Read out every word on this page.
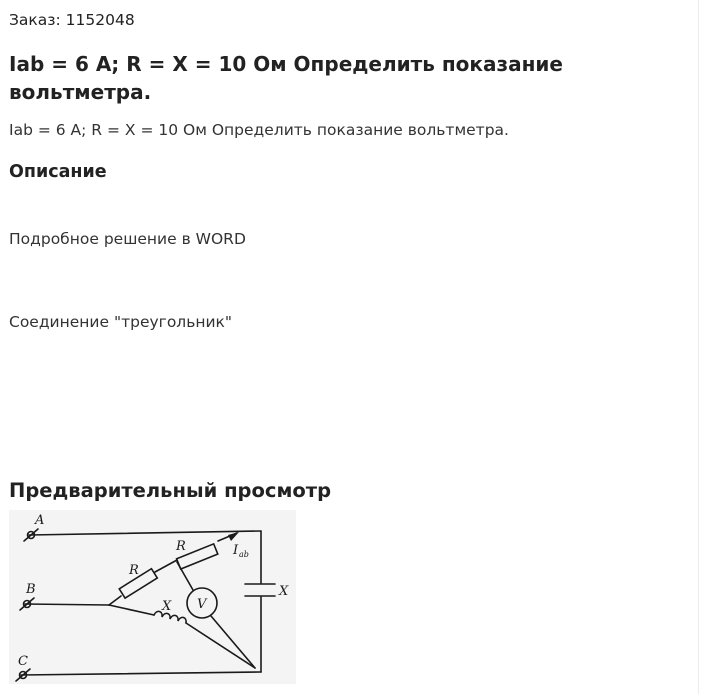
Заказ: 1152048
Iab = 6 А; R = X = 10 Ом Определить показание вольтметра.
Iab = 6 А; R = X = 10 Ом Определить показание вольтметра.
Описание
Подробное решение в WORD
Соединение "треугольник"
Предварительный просмотр
A
B
C
R
R
X
X
V
I ab
